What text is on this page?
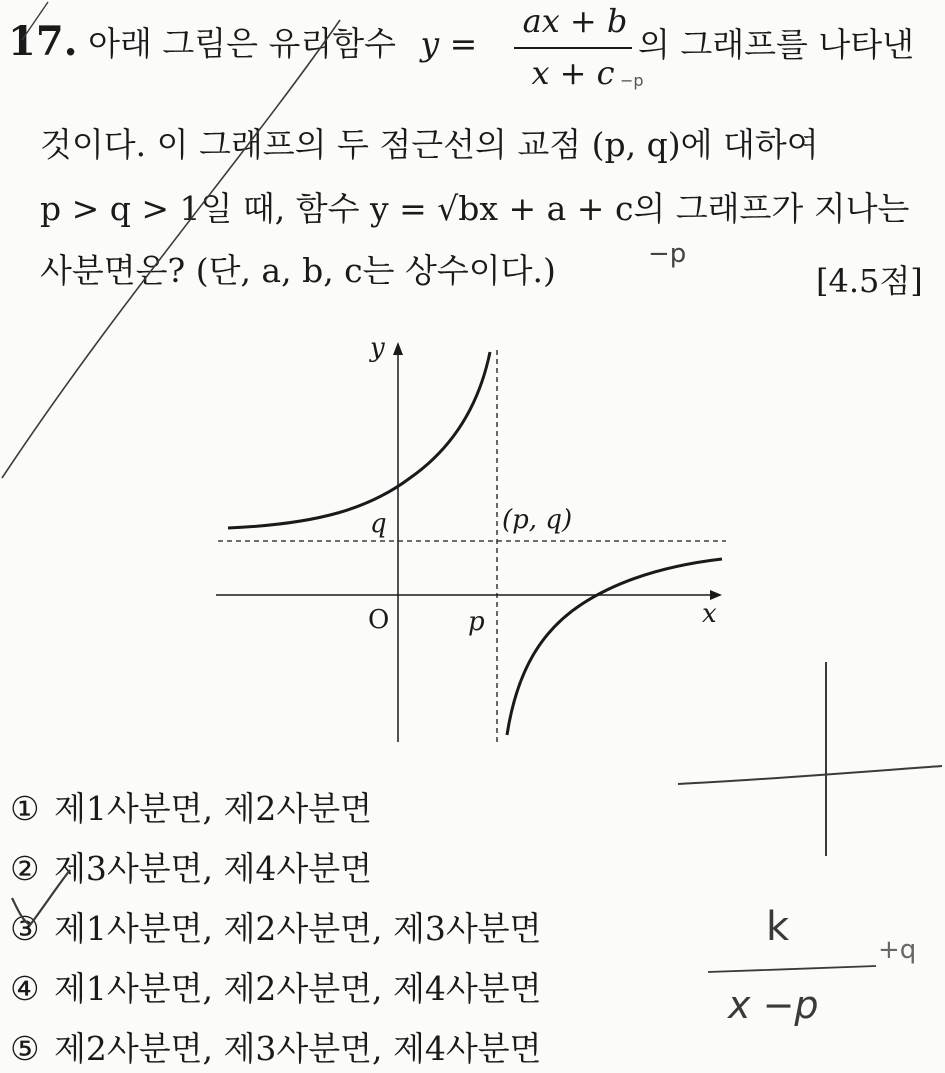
17. 아래 그림은 유리함수 y =
ax + b
x + c
의 그래프를 나타낸
것이다. 이 그래프의 두 점근선의 교점 (p, q)에 대하여
p > q > 1일 때, 함수 y = √bx + a + c의 그래프가 지나는
사분면은? (단, a, b, c는 상수이다.)	[4.5점]
y
x
O	p
q	(p, q)
① 제1사분면, 제2사분면
② 제3사분면, 제4사분면
③ 제1사분면, 제2사분면, 제3사분면
④ 제1사분면, 제2사분면, 제4사분면
⑤ 제2사분면, 제3사분면, 제4사분면
k
x −p
+q
−p
−p
